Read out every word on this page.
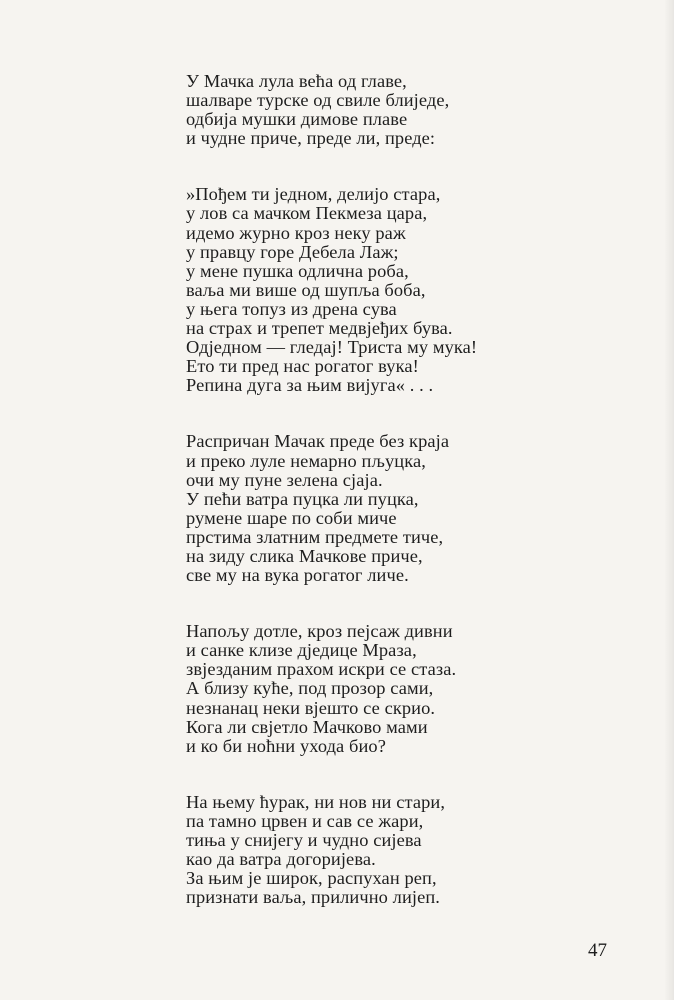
У Мачка лула већа од главе,
шалваре турске од свиле блиједе,
одбија мушки димове плаве
и чудне приче, преде ли, преде:
»Пођем ти једном, делијо стара,
у лов са мачком Пекмеза цара,
идемо журно кроз неку раж
у правцу горе Дебела Лаж;
у мене пушка одлична роба,
ваља ми више од шупља боба,
у њега топуз из дрена сува
на страх и трепет медвјеђих бува.
Одједном — гледај! Триста му мука!
Ето ти пред нас рогатог вука!
Репина дуга за њим вијуга« . . .
Расприча​н Мачак преде без краја
и преко луле немарно пљуцка,
очи му пуне зелена сјаја.
У пећи ватра пуцка ли пуцка,
румене шаре по соби миче
прстима златним предмете тиче,
на зиду слика Мачкове приче,
све му на вука рогатог личе.
Напољу дотле, кроз пејсаж дивни
и санке клизе дједице Мраза,
звјезданим прахом искри се стаза.
А близу куће, под прозор сами,
незнанац неки вјешто се скрио.
Кога ли свјетло Мачково мами
и ко би ноћни уходa био?
На њему ћурак, ни нов ни стари,
па тамно црвен и сав се жари,
тиња у снијегу и чудно сијева
као да ватра догоријева.
За њим је широк, распухан реп,
признати ваља, прилично лијеп.
47
